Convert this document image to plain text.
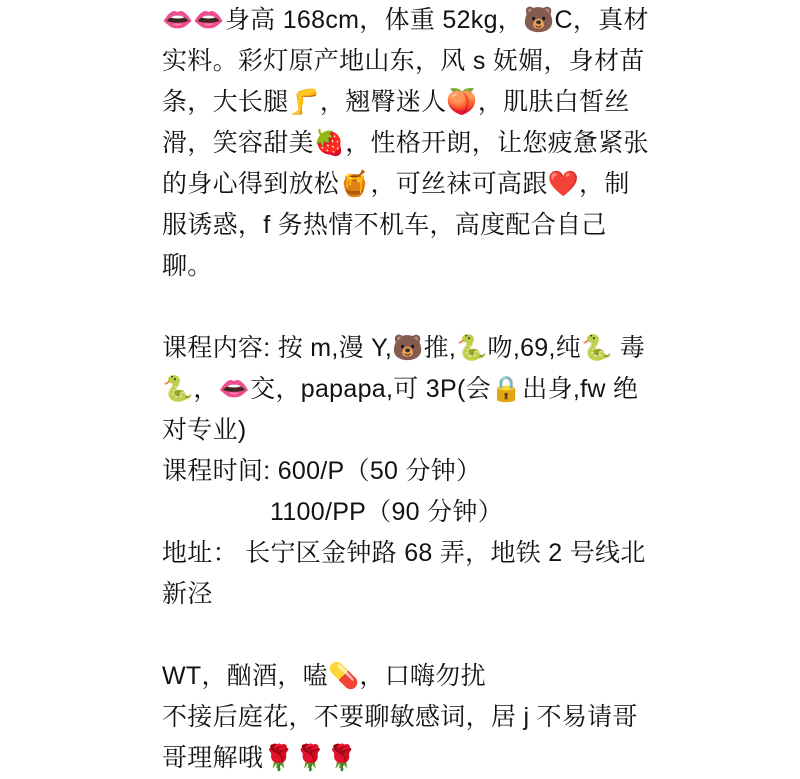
👄👄身高 168cm，体重 52kg，🐻C，真材实料。彩灯原产地山东，风 s 妩媚，身材苗条，大长腿🦵，翘臀迷人🍑，肌肤白皙丝滑，笑容甜美🍓，性格开朗，让您疲惫紧张的身心得到放松🍯，可丝袜可高跟❤️，制服诱惑，f 务热情不机车，高度配合自己聊。

课程内容: 按 m,漫 Y,🐻推,🐍吻,69,纯🐍 毒🐍，👄交，papapa,可 3P(会🔒出身,fw 绝对专业)

课程时间: 600/P（50 分钟）

1100/PP（90 分钟）

地址： 长宁区金钟路 68 弄，地铁 2 号线北新泾

WT，酗酒，嗑💊，口嗨勿扰

不接后庭花，不要聊敏感词，居 j 不易请哥哥理解哦🌹🌹🌹
